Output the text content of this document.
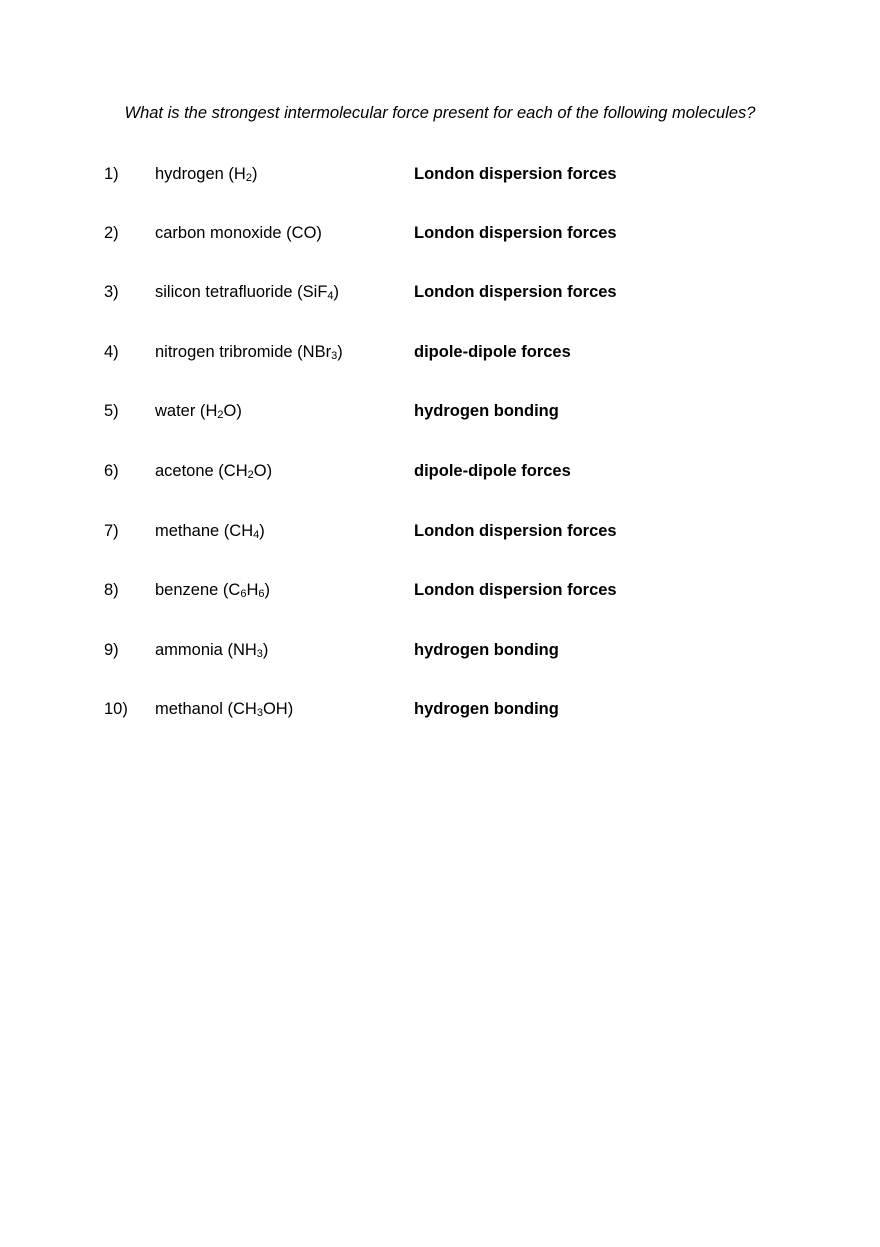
What is the strongest intermolecular force present for each of the following molecules?

1) hydrogen $(H_2)$	London dispersion forces
2) carbon monoxide (CO)	London dispersion forces
3) silicon tetrafluoride (SiF$_4$)	London dispersion forces
4) nitrogen tribromide (NBr$_3$)	dipole-dipole forces
5) water $(H_2O)$	hydrogen bonding
6) acetone $(CH_2O)$	dipole-dipole forces
7) methane $(CH_4)$	London dispersion forces
8) benzene $(C_6H_6)$	London dispersion forces
9) ammonia $(NH_3)$	hydrogen bonding
10) methanol $(CH_3OH)$	hydrogen bonding
